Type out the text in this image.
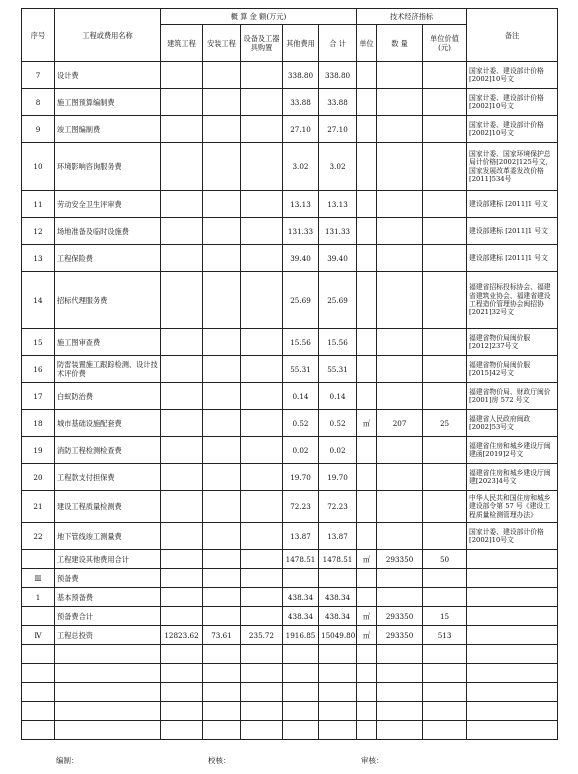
序号	工程或费用名称	概 算 金 额(万元)					技术经济指标			备注
		建筑工程	安装工程	设备及工器具购置	其他费用	合 计	单位	数 量	单位价值(元)	
7	设计费				338.80	338.80				国家计委、建设部计价格[2002]10号文
8	施工图预算编制费				33.88	33.88				国家计委、建设部计价格[2002]10号文
9	竣工图编制费				27.10	27.10				国家计委、建设部计价格[2002]10号文
10	环境影响咨询服务费				3.02	3.02				国家计委、国家环境保护总局计价格[2002]125号文，国家发展改革委发改价格[2011]534号
11	劳动安全卫生评审费				13.13	13.13				建设部建标 [2011]1 号文
12	场地准备及临时设施费				131.33	131.33				建设部建标 [2011]1 号文
13	工程保险费				39.40	39.40				建设部建标 [2011]1 号文
14	招标代理服务费				25.69	25.69				福建省招标投标协会、福建省建筑业协会、福建省建设工程造价管理协会闽招协[2021]32号文
15	施工图审查费				15.56	15.56				福建省物价局闽价服[2012]237号文
16	防雷装置施工跟踪检测、设计技术评价费				55.31	55.31				福建省物价局闽价服[2015]42号文
17	白蚁防治费				0.14	0.14				福建省物价局、财政厅闽价[2001]房 572 号文
18	城市基础设施配套费				0.52	0.52	㎡	207	25	福建省人民政府闽政[2002]53号文
19	消防工程检测检查费				0.02	0.02				福建省住房和城乡建设厅闽建函[2019]2号文
20	工程款支付担保费				19.70	19.70				福建省住房和城乡建设厅闽建[2023]4号文
21	建设工程质量检测费				72.23	72.23				中华人民共和国住房和城乡建设部令第 57 号《建设工程质量检测管理办法》
22	地下管线竣工测量费				13.87	13.87				国家计委、建设部计价格[2002]10号文
	工程建设其他费用合计				1478.51	1478.51	㎡	293350	50	
Ⅲ	预备费									
1	基本预备费				438.34	438.34				
	预备费合计				438.34	438.34	㎡	293350	15	
Ⅳ	工程总投资	12823.62	73.61	235.72	1916.85	15049.80	㎡	293350	513	

编制：	校核：	审核：
